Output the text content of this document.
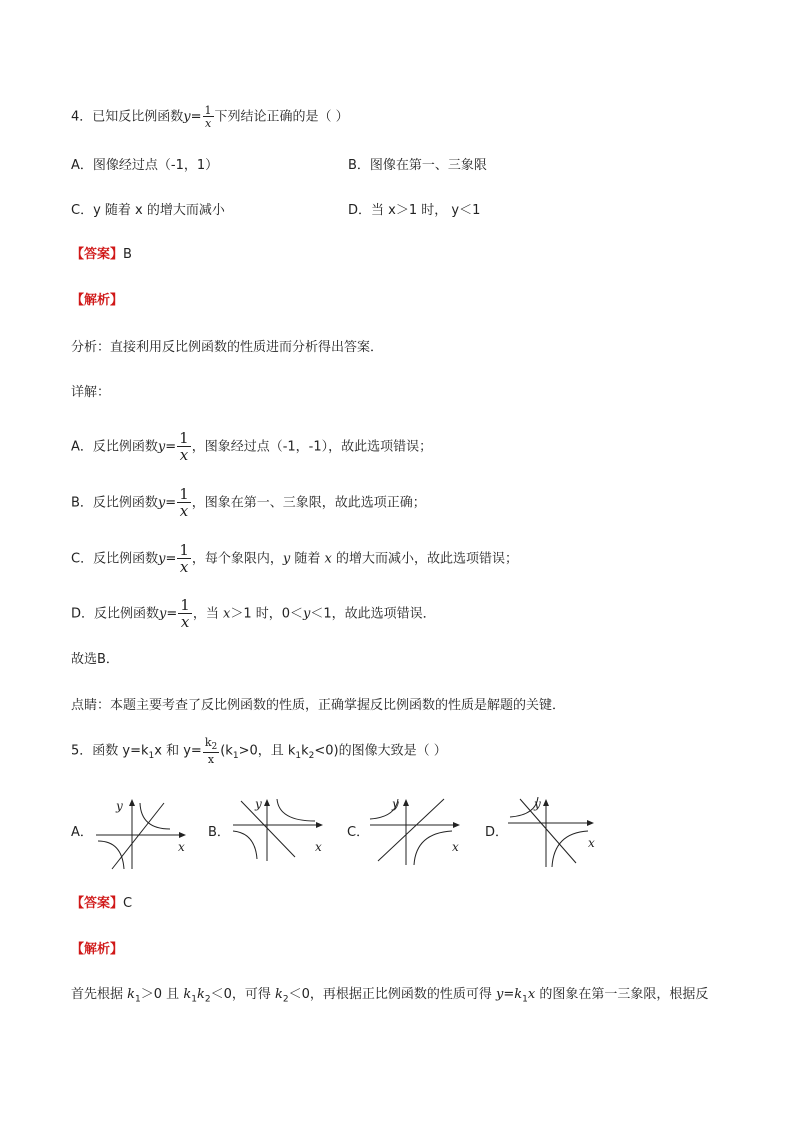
4．已知反比例函数$y= \frac{1}{x}$ 下列结论正确的是（ ）
A．图像经过点（-1，1）	B．图像在第一、三象限
C．y 随着 x 的增大而减小	D．当 x＞1 时， y＜1
【答案】B
【解析】
分析：直接利用反比例函数的性质进而分析得出答案．
详解：
A．反比例函数$y= \frac{1}{x}$ ，图象经过点（-1，-1），故此选项错误；
B．反比例函数$y= \frac{1}{x}$ ，图象在第一、三象限，故此选项正确；
C．反比例函数$y= \frac{1}{x}$ ，每个象限内，y 随着 x 的增大而减小，故此选项错误；
D．反比例函数$y= \frac{1}{x}$ ，当 x＞1 时，0＜y＜1，故此选项错误．
故选B．
点睛：本题主要考查了反比例函数的性质，正确掌握反比例函数的性质是解题的关键．
5．函数 $y=k_1x$ 和 $y= \frac{k_2}{x} (k_1>0$，且 $k_1k_2<0$)的图像大致是（ ）
A．	B．	C．	D．
y
x
y
x
y
x
y
x
【答案】C
【解析】
首先根据 $k_1>0$ 且 $k_1k_2<0$，可得 $k_2<0$，再根据正比例函数的性质可得 $y=k_1x$ 的图象在第一三象限，根据反
